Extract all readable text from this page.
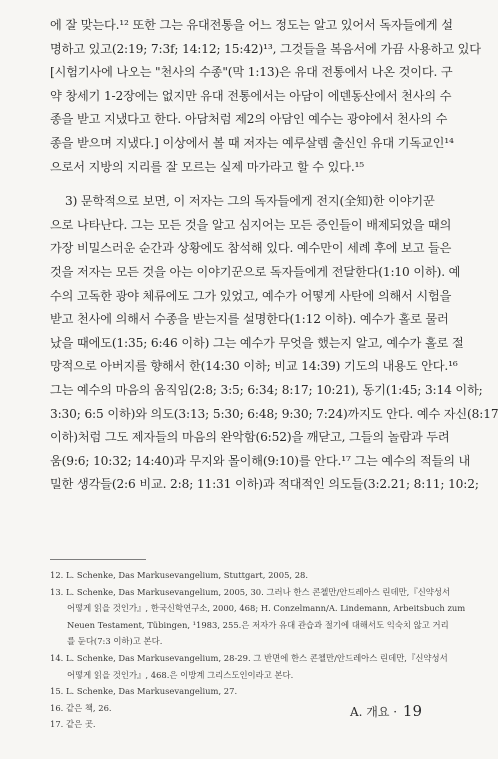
에 잘 맞는다.¹² 또한 그는 유대전통을 어느 정도는 알고 있어서 독자들에게 설
명하고 있고(2:19; 7:3f; 14:12; 15:42)¹³, 그것들을 복음서에 가끔 사용하고 있다
[시험기사에 나오는 "천사의 수종"(막 1:13)은 유대 전통에서 나온 것이다. 구
약 창세기 1-2장에는 없지만 유대 전통에서는 아담이 에덴동산에서 천사의 수
종을 받고 지냈다고 한다. 아담처럼 제2의 아담인 예수는 광야에서 천사의 수
종을 받으며 지냈다.] 이상에서 볼 때 저자는 예루살렘 출신인 유대 기독교인¹⁴
으로서 지방의 지리를 잘 모르는 실제 마가라고 할 수 있다.¹⁵

3) 문학적으로 보면, 이 저자는 그의 독자들에게 전지(全知)한 이야기꾼
으로 나타난다. 그는 모든 것을 알고 심지어는 모든 증인들이 배제되었을 때의
가장 비밀스러운 순간과 상황에도 참석해 있다. 예수만이 세례 후에 보고 들은
것을 저자는 모든 것을 아는 이야기꾼으로 독자들에게 전달한다(1:10 이하). 예
수의 고독한 광야 체류에도 그가 있었고, 예수가 어떻게 사탄에 의해서 시험을
받고 천사에 의해서 수종을 받는지를 설명한다(1:12 이하). 예수가 홀로 물러
났을 때에도(1:35; 6:46 이하) 그는 예수가 무엇을 했는지 알고, 예수가 홀로 절
망적으로 아버지를 향해서 한(14:30 이하; 비교 14:39) 기도의 내용도 안다.¹⁶
그는 예수의 마음의 움직임(2:8; 3:5; 6:34; 8:17; 10:21), 동기(1:45; 3:14 이하;
3:30; 6:5 이하)와 의도(3:13; 5:30; 6:48; 9:30; 7:24)까지도 안다. 예수 자신(8:17
이하)처럼 그도 제자들의 마음의 완악함(6:52)을 깨닫고, 그들의 놀람과 두려
움(9:6; 10:32; 14:40)과 무지와 몰이해(9:10)를 안다.¹⁷ 그는 예수의 적들의 내
밀한 생각들(2:6 비교. 2:8; 11:31 이하)과 적대적인 의도들(3:2.21; 8:11; 10:2;

12. L. Schenke, Das Markusevangelium, Stuttgart, 2005, 28.
13. L. Schenke, Das Markusevangelium, 2005, 30. 그러나 한스 콘첼만/안드레아스 린데만,『신약성서
어떻게 읽을 것인가』, 한국신학연구소, 2000, 468; H. Conzelmann/A. Lindemann, Arbeitsbuch zum
Neuen Testament, Tübingen, ¹1983, 255.은 저자가 유대 관습과 절기에 대해서도 익숙치 않고 거리
를 둔다(7:3 이하)고 본다.
14. L. Schenke, Das Markusevangelium, 28-29. 그 반면에 한스 콘첼만/안드레아스 린데만,『신약성서
어떻게 읽을 것인가』, 468.은 이방계 그리스도인이라고 본다.
15. L. Schenke, Das Markusevangelium, 27.
16. 같은 책, 26.
17. 같은 곳.
A. 개요 · 19
